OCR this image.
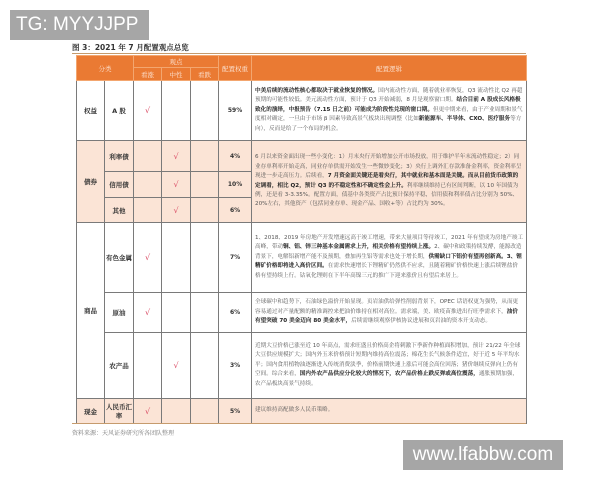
TG: MYYJJPP
图 3：2021 年 7 月配置观点总览
分类		观点			配置权重	配置逻辑
		看涨	中性	看跌		
权益	A 股	√			59%	中美后续的流动性核心都取决于就业恢复的情况。国内流动性方面，随着就业率恢复，Q3 流动性比 Q2 再超预期的可能性较低。美元流动性方面，预计于 Q3 开始减弱，8 月是观察窗口期。结合目前 A 股成长风格极致化的演绎，中报预告（7.15 日之前）可能成为阶段性兑现的窗口期。但更中期来看，由于产业周期和景气度相对确定，一旦由于市场 β 因素导致高景气板块出现调整（比如新能源车、半导体、CXO、医疗服务等方向），反而是给了一个布局的机会。
债券	利率债		√		4%	6 月以来资金面出现一些小变化：1）月末央行开始增加公开市场投放，用于维护半年末流动性稳定；2）同业存单利率开始走高，同业存单供需开始发生一些微妙变化；3）央行上调外汇存款准备金利率，资金利率呈现进一步走高压力。后续看，7 月资金面关键还是看央行，其中就业和基本面是关键。而从目前货币政策的定调看，相比 Q2，预计 Q3 的不稳定性和不确定性会上升。利率继续维持已有区间判断，以 10 年国债为例，还是看 3-3.35%。配置方面，债基中各类资产占比预计保持平稳，信用债和利率债占比分别为 50%、20%左右，其他资产（包括同业存单、现金产品、国收+等）占比约为 30%。
	信用债		√		10%	
	其他		√		6%	
商品	有色金属	√			7%	1、2018、2019 年房地产开发增速远高于竣工增速，带来大量项目等待竣工，2021 年有望成为房地产竣工高峰，带动铜、铝、锌三种基本金属需求上升，相关价格有望持续上涨。2、碳中和政策持续发酵，能源改造背景下，电解铝新增产能不及预期，叠加再生铝等需求也处于增长期，供需缺口下铝价有望再创新高。3、锂精矿价格即将进入高价区间。在需求快速增长下锂精矿仍然供不应求，且随着精矿价格快速上涨后续锂盐价格有望持续上行。钴氧化锂则在下半年高镍三元的推广下迎来涨价且有望后来居上。
	原油	√			6%	全球碳中和趋势下，石油绿色溢价开始显现。页岩油供给弹性削弱背景下，OPEC 话语权更为强势，从而更容易通过对产量配额的精准调控来把油价维持在相对高位。需求端，美、欧疫苗推进出行旺季需求下，油价有望突破 70 美金迈向 80 美金水平，后续需继续观察伊核协议进展和页岩油的资本开支动态。
	农产品		√		3%	近期大豆价格已涨至近 10 年高点，需求旺盛且价格高企将刺激下季新作种植面积增加，预计 21/22 年全球大豆供应规模扩大；国内外玉米价格预计短期内维持高位震荡；棉花生长气候条件适宜，好于近 5 年平均水平；国内食用植物油逐渐进入传统消费淡季，价格前期快速上涨后可能会高位回落；猪价继续反弹向上仍有空间。综合来看，国内外农产品供应分化较大的情况下，农产品价格止跌反弹或高位震荡，通胀预期加强，农产品板块高景气持续。
现金	人民币汇率	√			5%	建议维持高配做多人民币策略。
资料来源：天风证券研究所各团队整理
www.lfabbw.com
